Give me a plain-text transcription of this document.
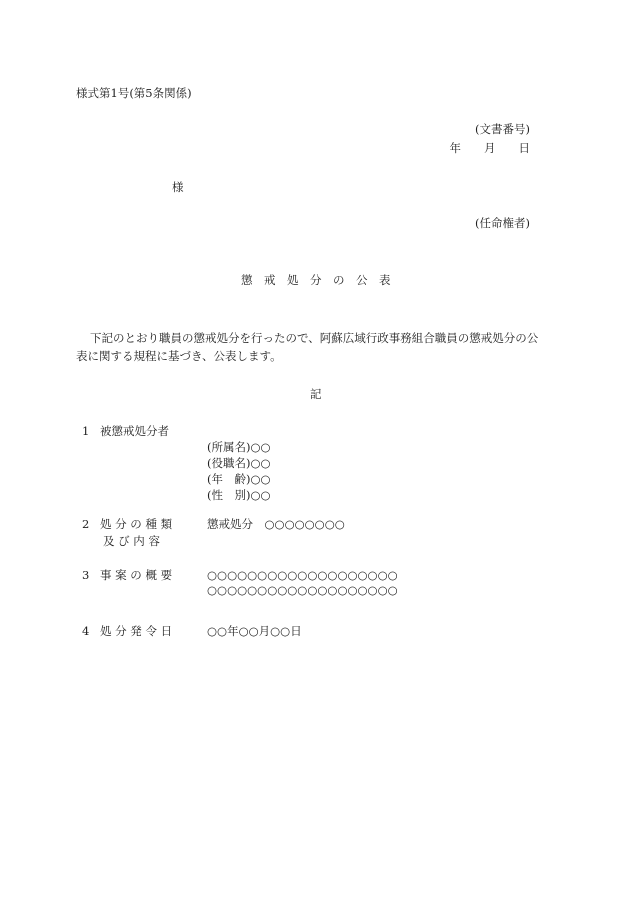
様式第1号(第5条関係)
(文書番号)
年　　月　　日
様
(任命権者)
懲　戒　処　分　の　公　表
下記のとおり職員の懲戒処分を行ったので、阿蘇広域行政事務組合職員の懲戒処分の公
表に関する規程に基づき、公表します。
記
1 被懲戒処分者
(所属名)○○
(役職名)○○
(年　齢)○○
(性　別)○○
2 処 分 の 種 類
及 び 内 容
懲戒処分　○○○○○○○○
3 事 案 の 概 要	○○○○○○○○○○○○○○○○○○○
○○○○○○○○○○○○○○○○○○○
4 処 分 発 令 日	○○年○○月○○日
